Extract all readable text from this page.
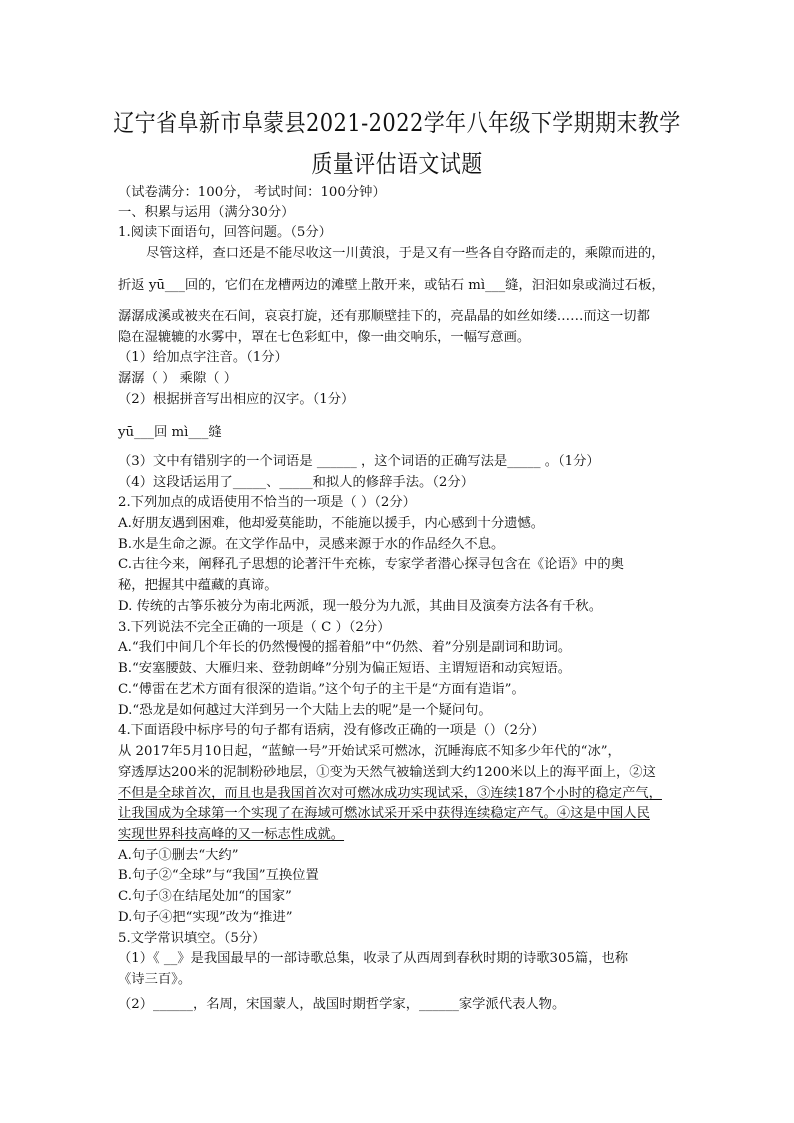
辽宁省阜新市阜蒙县2021-2022学年八年级下学期期末教学
质量评估语文试题
（试卷满分：100分， 考试时间：100分钟）
一、积累与运用（满分30分）
1.阅读下面语句，回答问题。（5分）
尽管这样，查口还是不能尽收这一川黄浪，于是又有一些各自夺路而走的，乘隙而进的，
折返 yū___回的，它们在龙槽两边的滩壁上散开来，或钻石 mì___缝，汩汩如泉或淌过石板，
潺潺成溪或被夹在石间，哀哀打旋，还有那顺壁挂下的，亮晶晶的如丝如缕……而这一切都
隐在湿辘辘的水雾中，罩在七色彩虹中，像一曲交响乐，一幅写意画。
（1）给加点字注音。（1分）
潺潺（ ） 乘隙（ ）
（2）根据拼音写出相应的汉字。（1分）
yū___回 mì___缝
（3）文中有错别字的一个词语是 ______ ，这个词语的正确写法是_____ 。（1分）
（4）这段话运用了_____、_____和拟人的修辞手法。（2分）
2.下列加点的成语使用不恰当的一项是（ ）（2分）
A.好朋友遇到困难，他却爱莫能助，不能施以援手，内心感到十分遗憾。
B.水是生命之源。在文学作品中，灵感来源于水的作品经久不息。
C.古往今来，阐释孔子思想的论著汗牛充栋，专家学者潜心探寻包含在《论语》中的奥
秘，把握其中蕴藏的真谛。
D. 传统的古筝乐被分为南北两派，现一般分为九派，其曲目及演奏方法各有千秋。
3.下列说法不完全正确的一项是（ C ）（2分）
A.“我们中间几个年长的仍然慢慢的摇着船”中“仍然、着”分别是副词和助词。
B.“安塞腰鼓、大雁归来、登勃朗峰”分别为偏正短语、主谓短语和动宾短语。
C.“傅雷在艺术方面有很深的造诣。”这个句子的主干是“方面有造诣”。
D.“恐龙是如何越过大洋到另一个大陆上去的呢”是一个疑问句。
4.下面语段中标序号的句子都有语病，没有修改正确的一项是（）（2分）
从 2017年5月10日起，“蓝鲸一号”开始试采可燃冰，沉睡海底不知多少年代的“冰”，
穿透厚达200米的泥制粉砂地层，①变为天然气被输送到大约1200米以上的海平面上，②这
不但是全球首次，而且也是我国首次对可燃冰成功实现试采，③连续187个小时的稳定产气，
让我国成为全球第一个实现了在海域可燃冰试采开采中获得连续稳定产气。④这是中国人民
实现世界科技高峰的又一标志性成就。
A.句子①删去“大约”
B.句子②“全球”与“我国”互换位置
C.句子③在结尾处加“的国家”
D.句子④把“实现”改为“推进”
5.文学常识填空。（5分）
（1）《 __》是我国最早的一部诗歌总集，收录了从西周到春秋时期的诗歌305篇，也称
《诗三百》。
（2）______，名周，宋国蒙人，战国时期哲学家，______家学派代表人物。
